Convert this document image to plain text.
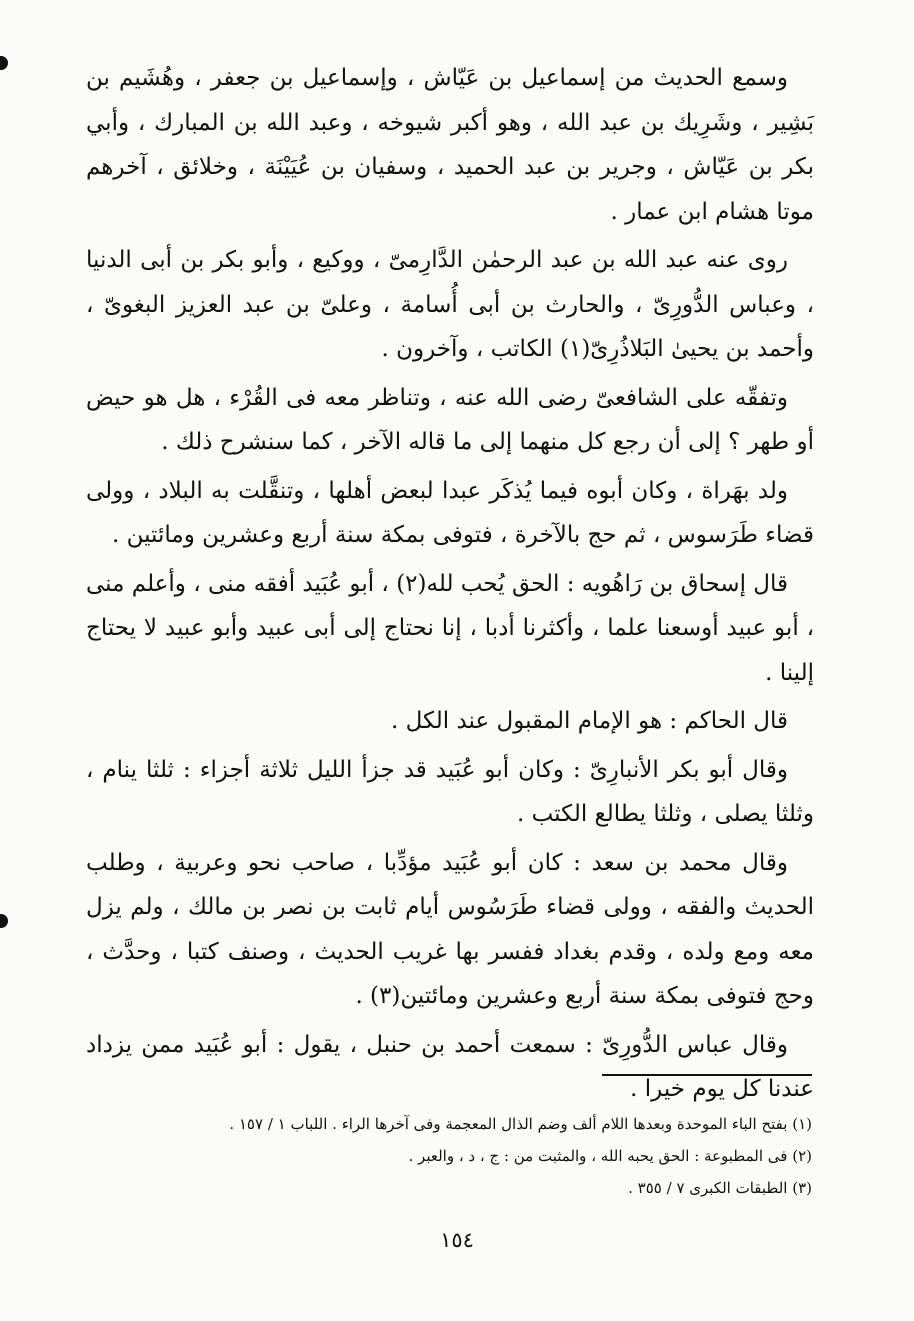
وسمع الحديث من إسماعيل بن عَيّاش ، وإسماعيل بن جعفر ، وهُشَيم بن بَشِير ، وشَرِيك بن عبد الله ، وهو أكبر شيوخه ، وعبد الله بن المبارك ، وأبي بكر بن عَيّاش ، وجرير بن عبد الحميد ، وسفيان بن عُيَيْنَة ، وخلائق ، آخرهم موتا هشام ابن عمار .

روى عنه عبد الله بن عبد الرحمٰن الدَّارِمىّ ، ووكيع ، وأبو بكر بن أبى الدنيا ، وعباس الدُّورِىّ ، والحارث بن أبى أُسامة ، وعلىّ بن عبد العزيز البغوىّ ، وأحمد بن يحيىٰ البَلاذُرِىّ(١) الكاتب ، وآخرون .

وتفقّه على الشافعىّ رضى الله عنه ، وتناظر معه فى القُرْء ، هل هو حيض أو طهر ؟ إلى أن رجع كل منهما إلى ما قاله الآخر ، كما سنشرح ذلك .

ولد بهَراة ، وكان أبوه فيما يُذكَر عبدا لبعض أهلها ، وتنقَّلت به البلاد ، وولى قضاء طَرَسوس ، ثم حج بالآخرة ، فتوفى بمكة سنة أربع وعشرين ومائتين .

قال إسحاق بن رَاهُويه : الحق يُحب لله(٢) ، أبو عُبَيد أفقه منى ، وأعلم منى ، أبو عبيد أوسعنا علما ، وأكثرنا أدبا ، إنا نحتاج إلى أبى عبيد وأبو عبيد لا يحتاج إلينا .

قال الحاكم : هو الإمام المقبول عند الكل .

وقال أبو بكر الأنبارِىّ : وكان أبو عُبَيد قد جزأ الليل ثلاثة أجزاء : ثلثا ينام ، وثلثا يصلى ، وثلثا يطالع الكتب .

وقال محمد بن سعد : كان أبو عُبَيد مؤدِّبا ، صاحب نحو وعربية ، وطلب الحديث والفقه ، وولى قضاء طَرَسُوس أيام ثابت بن نصر بن مالك ، ولم يزل معه ومع ولده ، وقدم بغداد ففسر بها غريب الحديث ، وصنف كتبا ، وحدَّث ، وحج فتوفى بمكة سنة أربع وعشرين ومائتين(٣) .

وقال عباس الدُّورِىّ : سمعت أحمد بن حنبل ، يقول : أبو عُبَيد ممن يزداد عندنا كل يوم خيرا .

(١) بفتح الباء الموحدة وبعدها اللام ألف وضم الذال المعجمة وفى آخرها الراء . اللباب ١ / ١٥٧ .

(٢) فى المطبوعة : الحق يحبه الله ، والمثبت من : ج ، د ، والعبر .

(٣) الطبقات الكبرى ٧ / ٣٥٥ .

١٥٤
